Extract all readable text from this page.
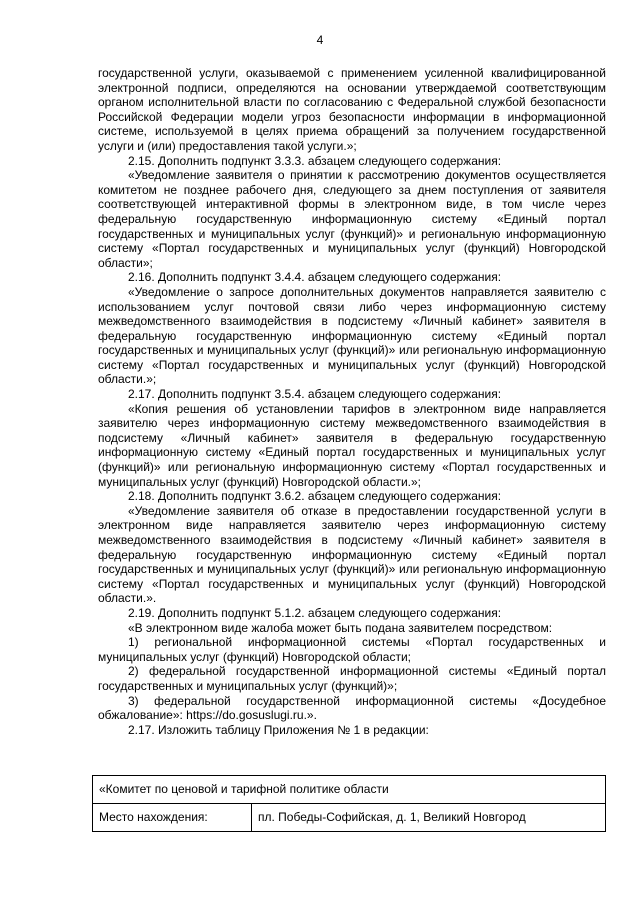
4

государственной услуги, оказываемой с применением усиленной квалифицированной электронной подписи, определяются на основании утверждаемой соответствующим органом исполнительной власти по согласованию с Федеральной службой безопасности Российской Федерации модели угроз безопасности информации в информационной системе, используемой в целях приема обращений за получением государственной услуги и (или) предоставления такой услуги.»;

2.15. Дополнить подпункт 3.3.3. абзацем следующего содержания:

«Уведомление заявителя о принятии к рассмотрению документов осуществляется комитетом не позднее рабочего дня, следующего за днем поступления от заявителя соответствующей интерактивной формы в электронном виде, в том числе через федеральную государственную информационную систему «Единый портал государственных и муниципальных услуг (функций)» и региональную информационную систему «Портал государственных и муниципальных услуг (функций) Новгородской области»;

2.16. Дополнить подпункт 3.4.4. абзацем следующего содержания:

«Уведомление о запросе дополнительных документов направляется заявителю с использованием услуг почтовой связи либо через информационную систему межведомственного взаимодействия в подсистему «Личный кабинет» заявителя в федеральную государственную информационную систему «Единый портал государственных и муниципальных услуг (функций)» или региональную информационную систему «Портал государственных и муниципальных услуг (функций) Новгородской области.»;

2.17. Дополнить подпункт 3.5.4. абзацем следующего содержания:

«Копия решения об установлении тарифов в электронном виде направляется заявителю через информационную систему межведомственного взаимодействия в подсистему «Личный кабинет» заявителя в федеральную государственную информационную систему «Единый портал государственных и муниципальных услуг (функций)» или региональную информационную систему «Портал государственных и муниципальных услуг (функций) Новгородской области.»;

2.18. Дополнить подпункт 3.6.2. абзацем следующего содержания:

«Уведомление заявителя об отказе в предоставлении государственной услуги в электронном виде направляется заявителю через информационную систему межведомственного взаимодействия в подсистему «Личный кабинет» заявителя в федеральную государственную информационную систему «Единый портал государственных и муниципальных услуг (функций)» или региональную информационную систему «Портал государственных и муниципальных услуг (функций) Новгородской области.».

2.19. Дополнить подпункт 5.1.2. абзацем следующего содержания:

«В электронном виде жалоба может быть подана заявителем посредством:

1) региональной информационной системы «Портал государственных и муниципальных услуг (функций) Новгородской области;

2) федеральной государственной информационной системы «Единый портал государственных и муниципальных услуг (функций)»;

3) федеральной государственной информационной системы «Досудебное обжалование»: https://do.gosuslugi.ru.».

2.17. Изложить таблицу Приложения № 1 в редакции:

«Комитет по ценовой и тарифной политике области
Место нахождения:	пл. Победы-Софийская, д. 1, Великий Новгород
